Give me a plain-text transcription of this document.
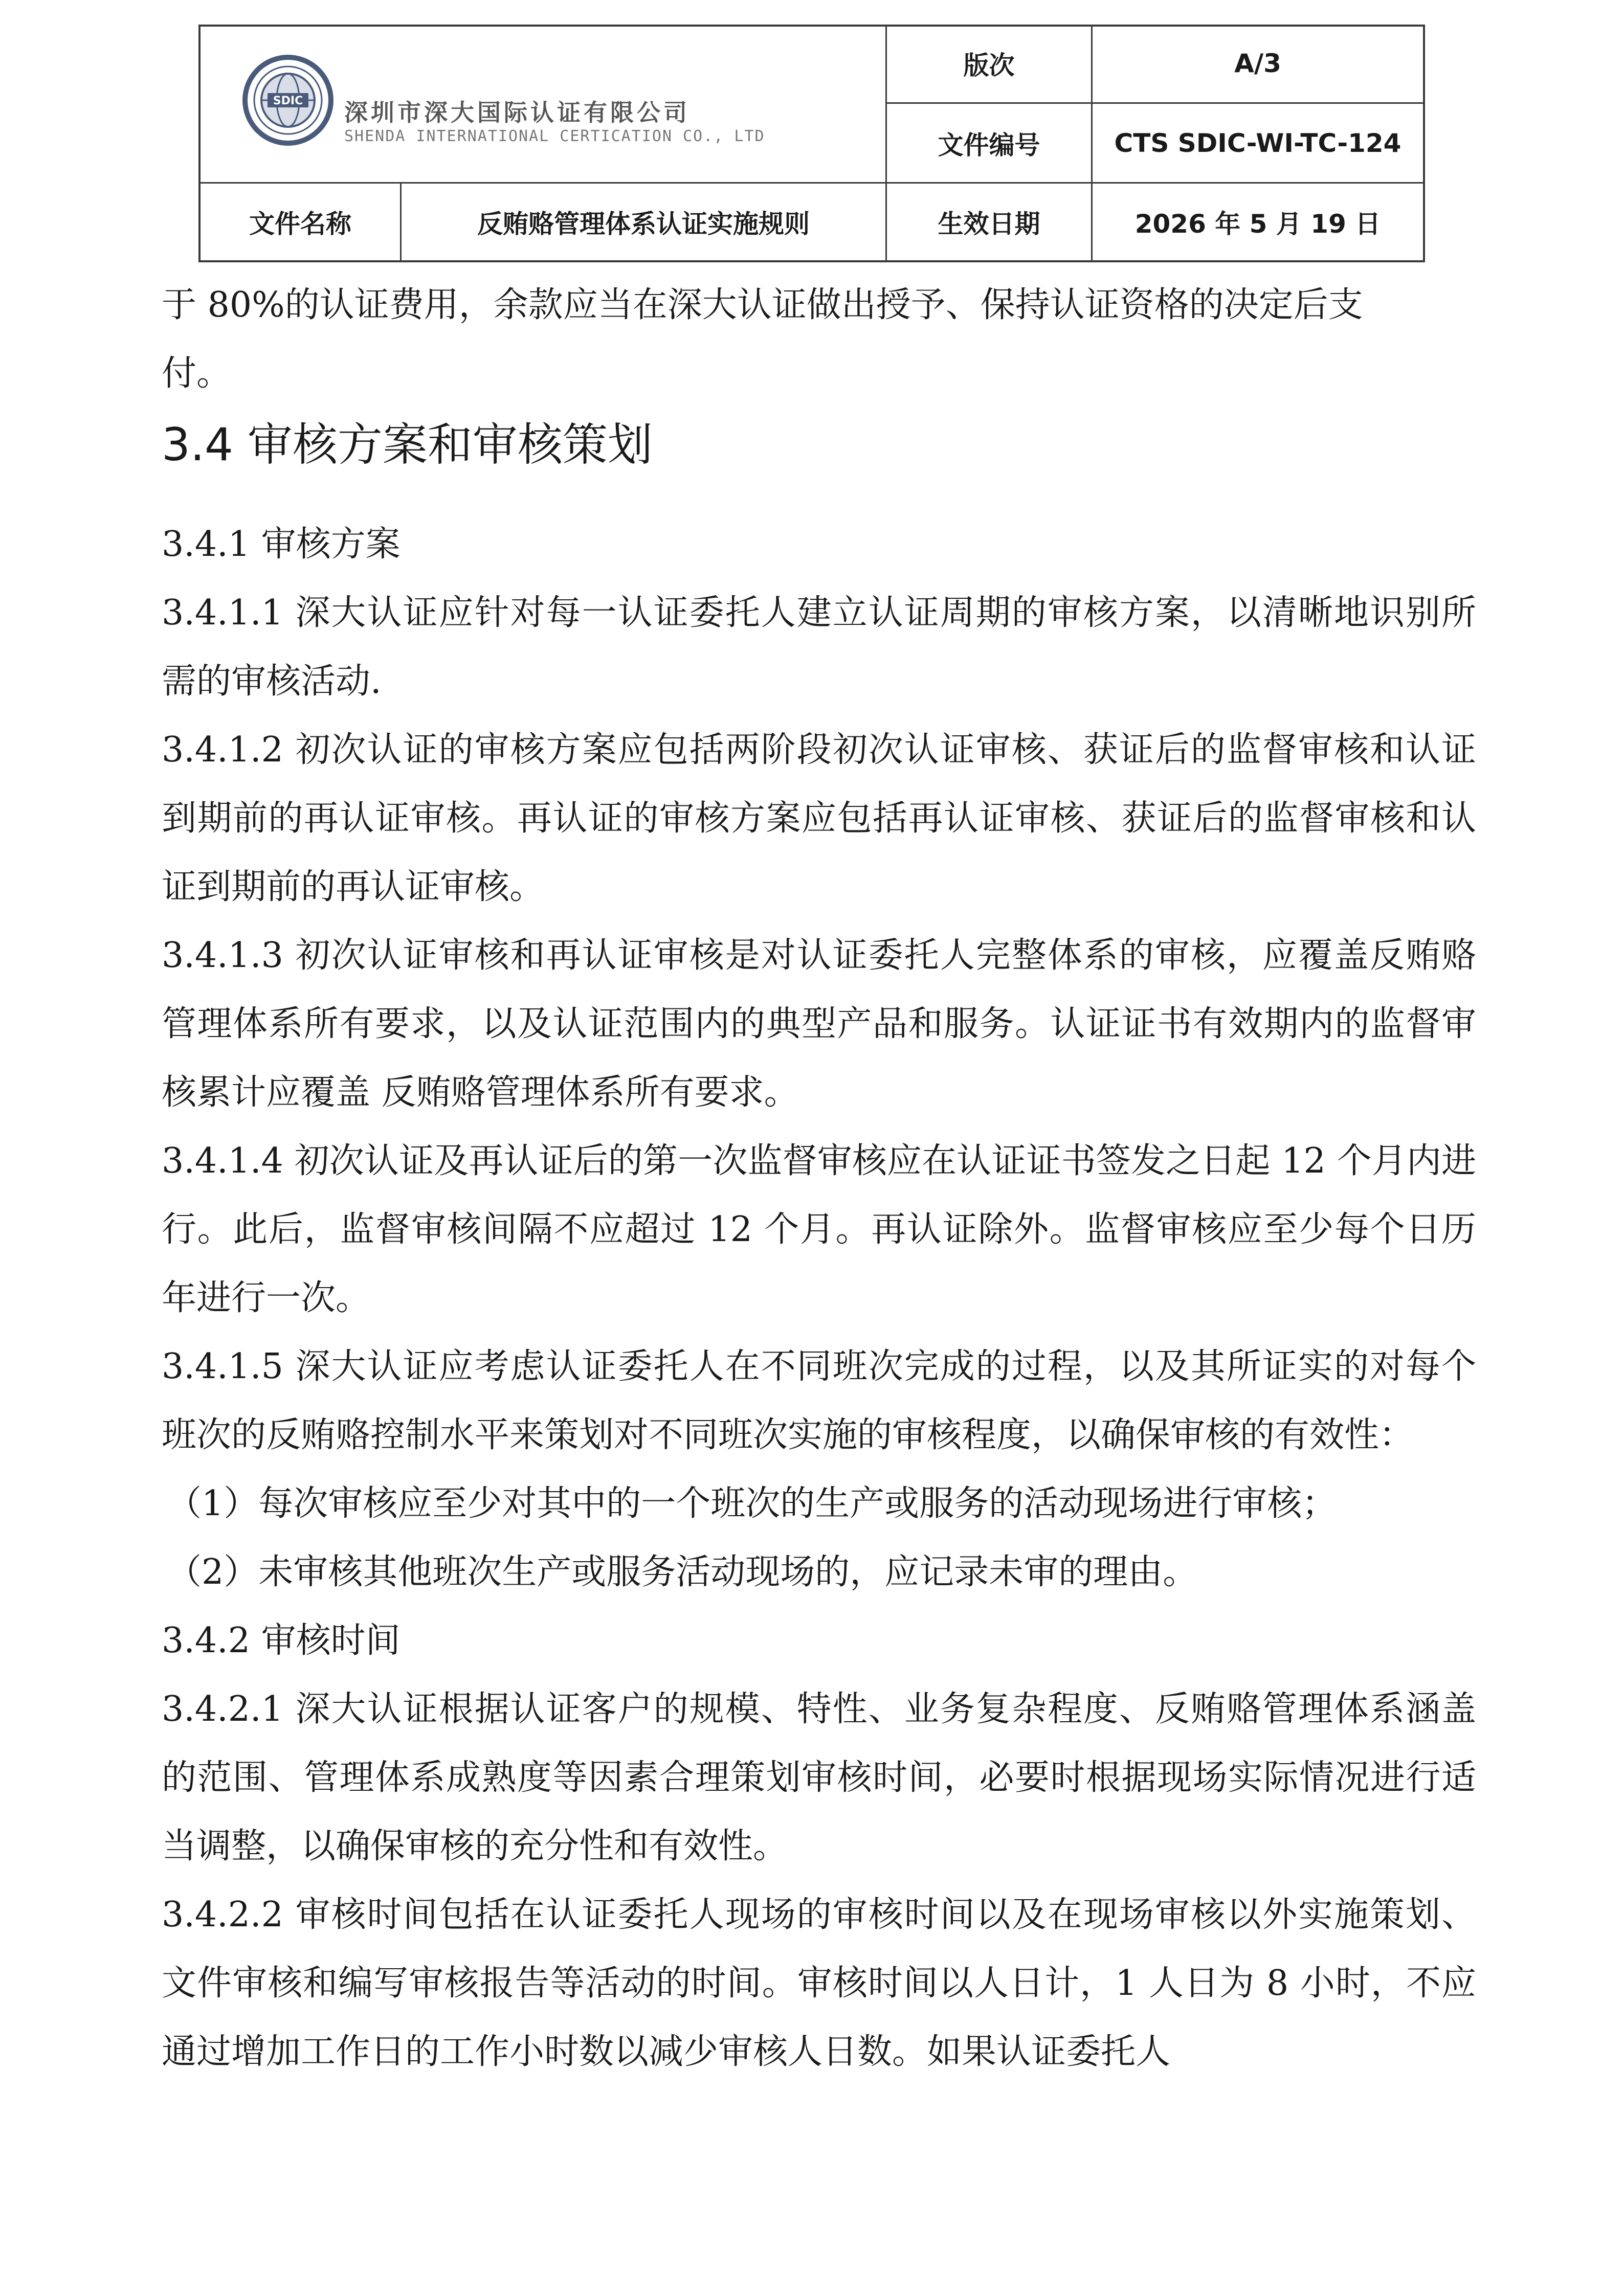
SDIC 深圳市深大国际认证有限公司
SHENDA INTERNATIONAL CERTICATION CO., LTD
版次	A/3
文件编号	CTS SDIC-WI-TC-124
文件名称	反贿赂管理体系认证实施规则	生效日期	2026 年 5 月 19 日

于 80%的认证费用，余款应当在深大认证做出授予、保持认证资格的决定后支
付。

3.4 审核方案和审核策划

3.4.1 审核方案

3.4.1.1 深大认证应针对每一认证委托人建立认证周期的审核方案，以清晰地识别所需的审核活动.

3.4.1.2 初次认证的审核方案应包括两阶段初次认证审核、获证后的监督审核和认证到期前的再认证审核。再认证的审核方案应包括再认证审核、获证后的监督审核和认证到期前的再认证审核。

3.4.1.3 初次认证审核和再认证审核是对认证委托人完整体系的审核，应覆盖反贿赂管理体系所有要求，以及认证范围内的典型产品和服务。认证证书有效期内的监督审核累计应覆盖 反贿赂管理体系所有要求。

3.4.1.4 初次认证及再认证后的第一次监督审核应在认证证书签发之日起 12 个月内进行。此后，监督审核间隔不应超过 12 个月。再认证除外。监督审核应至少每个日历年进行一次。

3.4.1.5 深大认证应考虑认证委托人在不同班次完成的过程，以及其所证实的对每个班次的反贿赂控制水平来策划对不同班次实施的审核程度，以确保审核的有效性：

（1）每次审核应至少对其中的一个班次的生产或服务的活动现场进行审核；

（2）未审核其他班次生产或服务活动现场的，应记录未审的理由。

3.4.2 审核时间

3.4.2.1 深大认证根据认证客户的规模、特性、业务复杂程度、反贿赂管理体系涵盖的范围、管理体系成熟度等因素合理策划审核时间，必要时根据现场实际情况进行适当调整，以确保审核的充分性和有效性。

3.4.2.2 审核时间包括在认证委托人现场的审核时间以及在现场审核以外实施策划、文件审核和编写审核报告等活动的时间。审核时间以人日计，1 人日为 8 小时，不应通过增加工作日的工作小时数以减少审核人日数。如果认证委托人
